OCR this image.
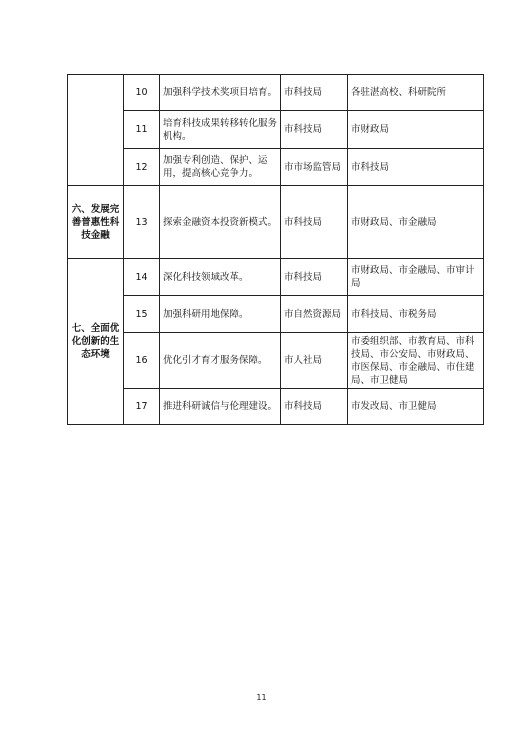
	10	加强科学技术奖项目培育。	市科技局	各驻湛高校、科研院所
	11	培育科技成果转移转化服务机构。	市科技局	市财政局
	12	加强专利创造、保护、运用，提高核心竞争力。	市市场监管局	市科技局
六、发展完善普惠性科技金融	13	探索金融资本投资新模式。	市科技局	市财政局、市金融局
七、全面优化创新的生态环境	14	深化科技领域改革。	市科技局	市财政局、市金融局、市审计局
	15	加强科研用地保障。	市自然资源局	市科技局、市税务局
	16	优化引才育才服务保障。	市人社局	市委组织部、市教育局、市科技局、市公安局、市财政局、市医保局、市金融局、市住建局、市卫健局
	17	推进科研诚信与伦理建设。	市科技局	市发改局、市卫健局
11
